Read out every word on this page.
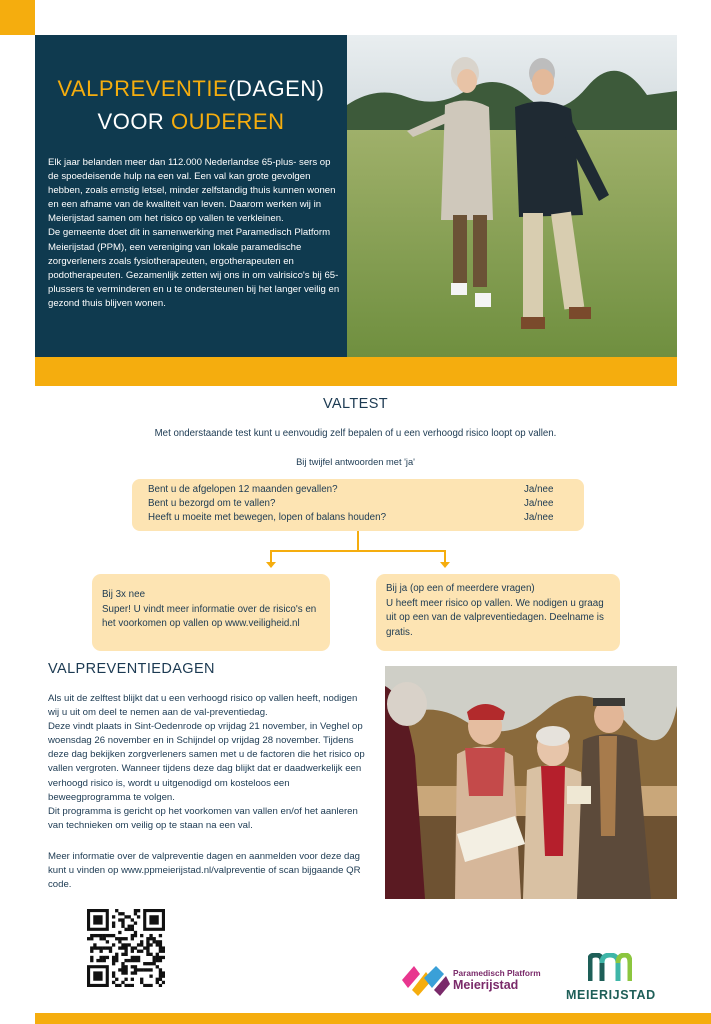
VALPREVENTIE(DAGEN)
VOOR OUDEREN

Elk jaar belanden meer dan 112.000 Nederlandse 65-plus- sers op de spoedeisende hulp na een val. Een val kan grote gevolgen hebben, zoals ernstig letsel, minder zelfstandig thuis kunnen wonen en een afname van de kwaliteit van leven. Daarom werken wij in Meierijstad samen om het risico op vallen te verkleinen.

De gemeente doet dit in samenwerking met Paramedisch Platform Meierijstad (PPM), een vereniging van lokale paramedische zorgverleners zoals fysiotherapeuten, ergotherapeuten en podotherapeuten. Gezamenlijk zetten wij ons in om valrisico's bij 65-plussers te verminderen en u te ondersteunen bij het langer veilig en gezond thuis blijven wonen.

VALTEST
Met onderstaande test kunt u eenvoudig zelf bepalen of u een verhoogd risico loopt op vallen.
Bij twijfel antwoorden met 'ja'
Bent u de afgelopen 12 maanden gevallen?	Ja/nee
Bent u bezorgd om te vallen?	Ja/nee
Heeft u moeite met bewegen, lopen of balans houden?	Ja/nee

Bij 3x nee

Super! U vindt meer informatie over de risico's en het voorkomen op vallen op www.veiligheid.nl

Bij ja (op een of meerdere vragen)

U heeft meer risico op vallen. We nodigen u graag uit op een van de valpreventiedagen. Deelname is gratis.

VALPREVENTIEDAGEN

Als uit de zelftest blijkt dat u een verhoogd risico op vallen heeft, nodigen wij u uit om deel te nemen aan de val-preventiedag.

Deze vindt plaats in Sint-Oedenrode op vrijdag 21 november, in Veghel op woensdag 26 november en in Schijndel op vrijdag 28 november. Tijdens deze dag bekijken zorgverleners samen met u de factoren die het risico op vallen vergroten. Wanneer tijdens deze dag blijkt dat er daadwerkelijk een verhoogd risico is, wordt u uitgenodigd om kosteloos een beweegprogramma te volgen.

Dit programma is gericht op het voorkomen van vallen en/of het aanleren van technieken om veilig op te staan na een val.

Meer informatie over de valpreventie dagen en aanmelden voor deze dag kunt u vinden op www.ppmeierijstad.nl/valpreventie of scan bijgaande QR code.
Paramedisch Platform
Meierijstad
MEIERIJSTAD
